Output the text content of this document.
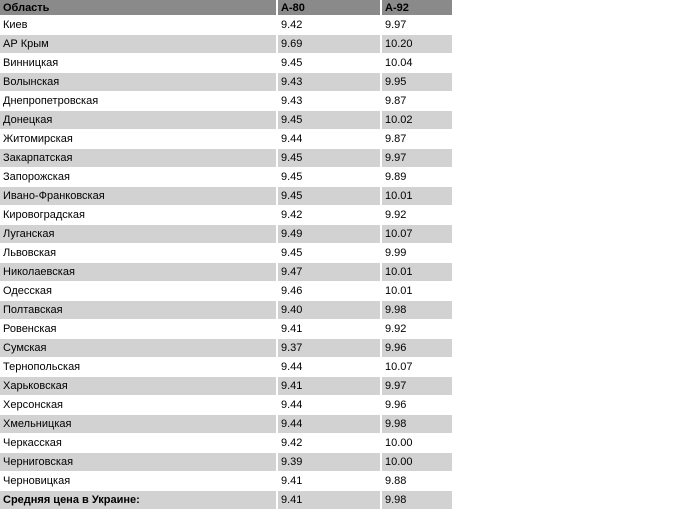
Область	А-80	А-92
Киев	9.42	9.97
АР Крым	9.69	10.20
Винницкая	9.45	10.04
Волынская	9.43	9.95
Днепропетровская	9.43	9.87
Донецкая	9.45	10.02
Житомирская	9.44	9.87
Закарпатская	9.45	9.97
Запорожская	9.45	9.89
Ивано-Франковская	9.45	10.01
Кировоградская	9.42	9.92
Луганская	9.49	10.07
Львовская	9.45	9.99
Николаевская	9.47	10.01
Одесская	9.46	10.01
Полтавская	9.40	9.98
Ровенская	9.41	9.92
Сумская	9.37	9.96
Тернопольская	9.44	10.07
Харьковская	9.41	9.97
Херсонская	9.44	9.96
Хмельницкая	9.44	9.98
Черкасская	9.42	10.00
Черниговская	9.39	10.00
Черновицкая	9.41	9.88
Средняя цена в Украине:	9.41	9.98
